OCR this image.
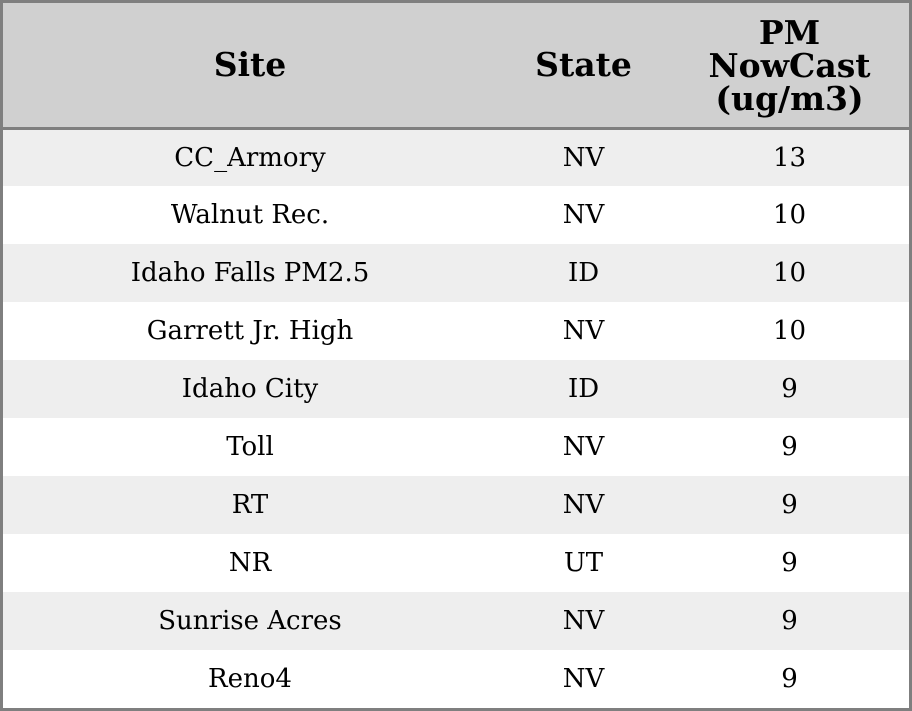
Site	State	PM
NowCast
(ug/m3)

CC_Armory	NV	13
Walnut Rec.	NV	10
Idaho Falls PM2.5	ID	10
Garrett Jr. High	NV	10
Idaho City	ID	9
Toll	NV	9
RT	NV	9
NR	UT	9
Sunrise Acres	NV	9
Reno4	NV	9
